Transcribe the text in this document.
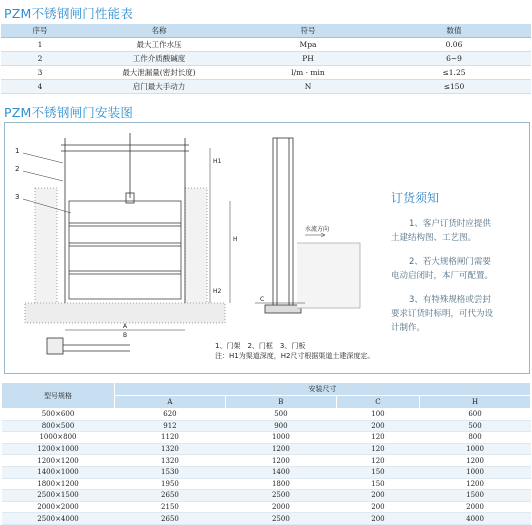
PZM不锈钢闸门性能表
序号	名称	符号	数值
1	最大工作水压	Mpa	0.06
2	工作介质酸碱度	PH	6~9
3	最大泄漏量(密封长度)	l/m · min	≤1.25
4	启门最大手动力	N	≤150
PZM不锈钢闸门安装图
1
2
3
H1
H
H2
A
B
C
水流方向
1、门架　2、门框　3、门板
注：H1为渠道深度，H2尺寸根据渠道土建深度定。
订货须知
1、客户订货时应提供
土建结构图、工艺图。
2、若大规格闸门需要
电动启闭时，本厂可配置。
3、有特殊规格或尝封
要求订货时标明，可代为设
计制作。
型号规格	安装尺寸			
	A	B	C	H
500×600	620	500	100	600
800×500	912	900	200	500
1000×800	1120	1000	120	800
1200×1000	1320	1200	120	1000
1200×1200	1320	1200	120	1200
1400×1000	1530	1400	150	1000
1800×1200	1950	1800	150	1200
2500×1500	2650	2500	200	1500
2000×2000	2150	2000	200	2000
2500×4000	2650	2500	200	4000
